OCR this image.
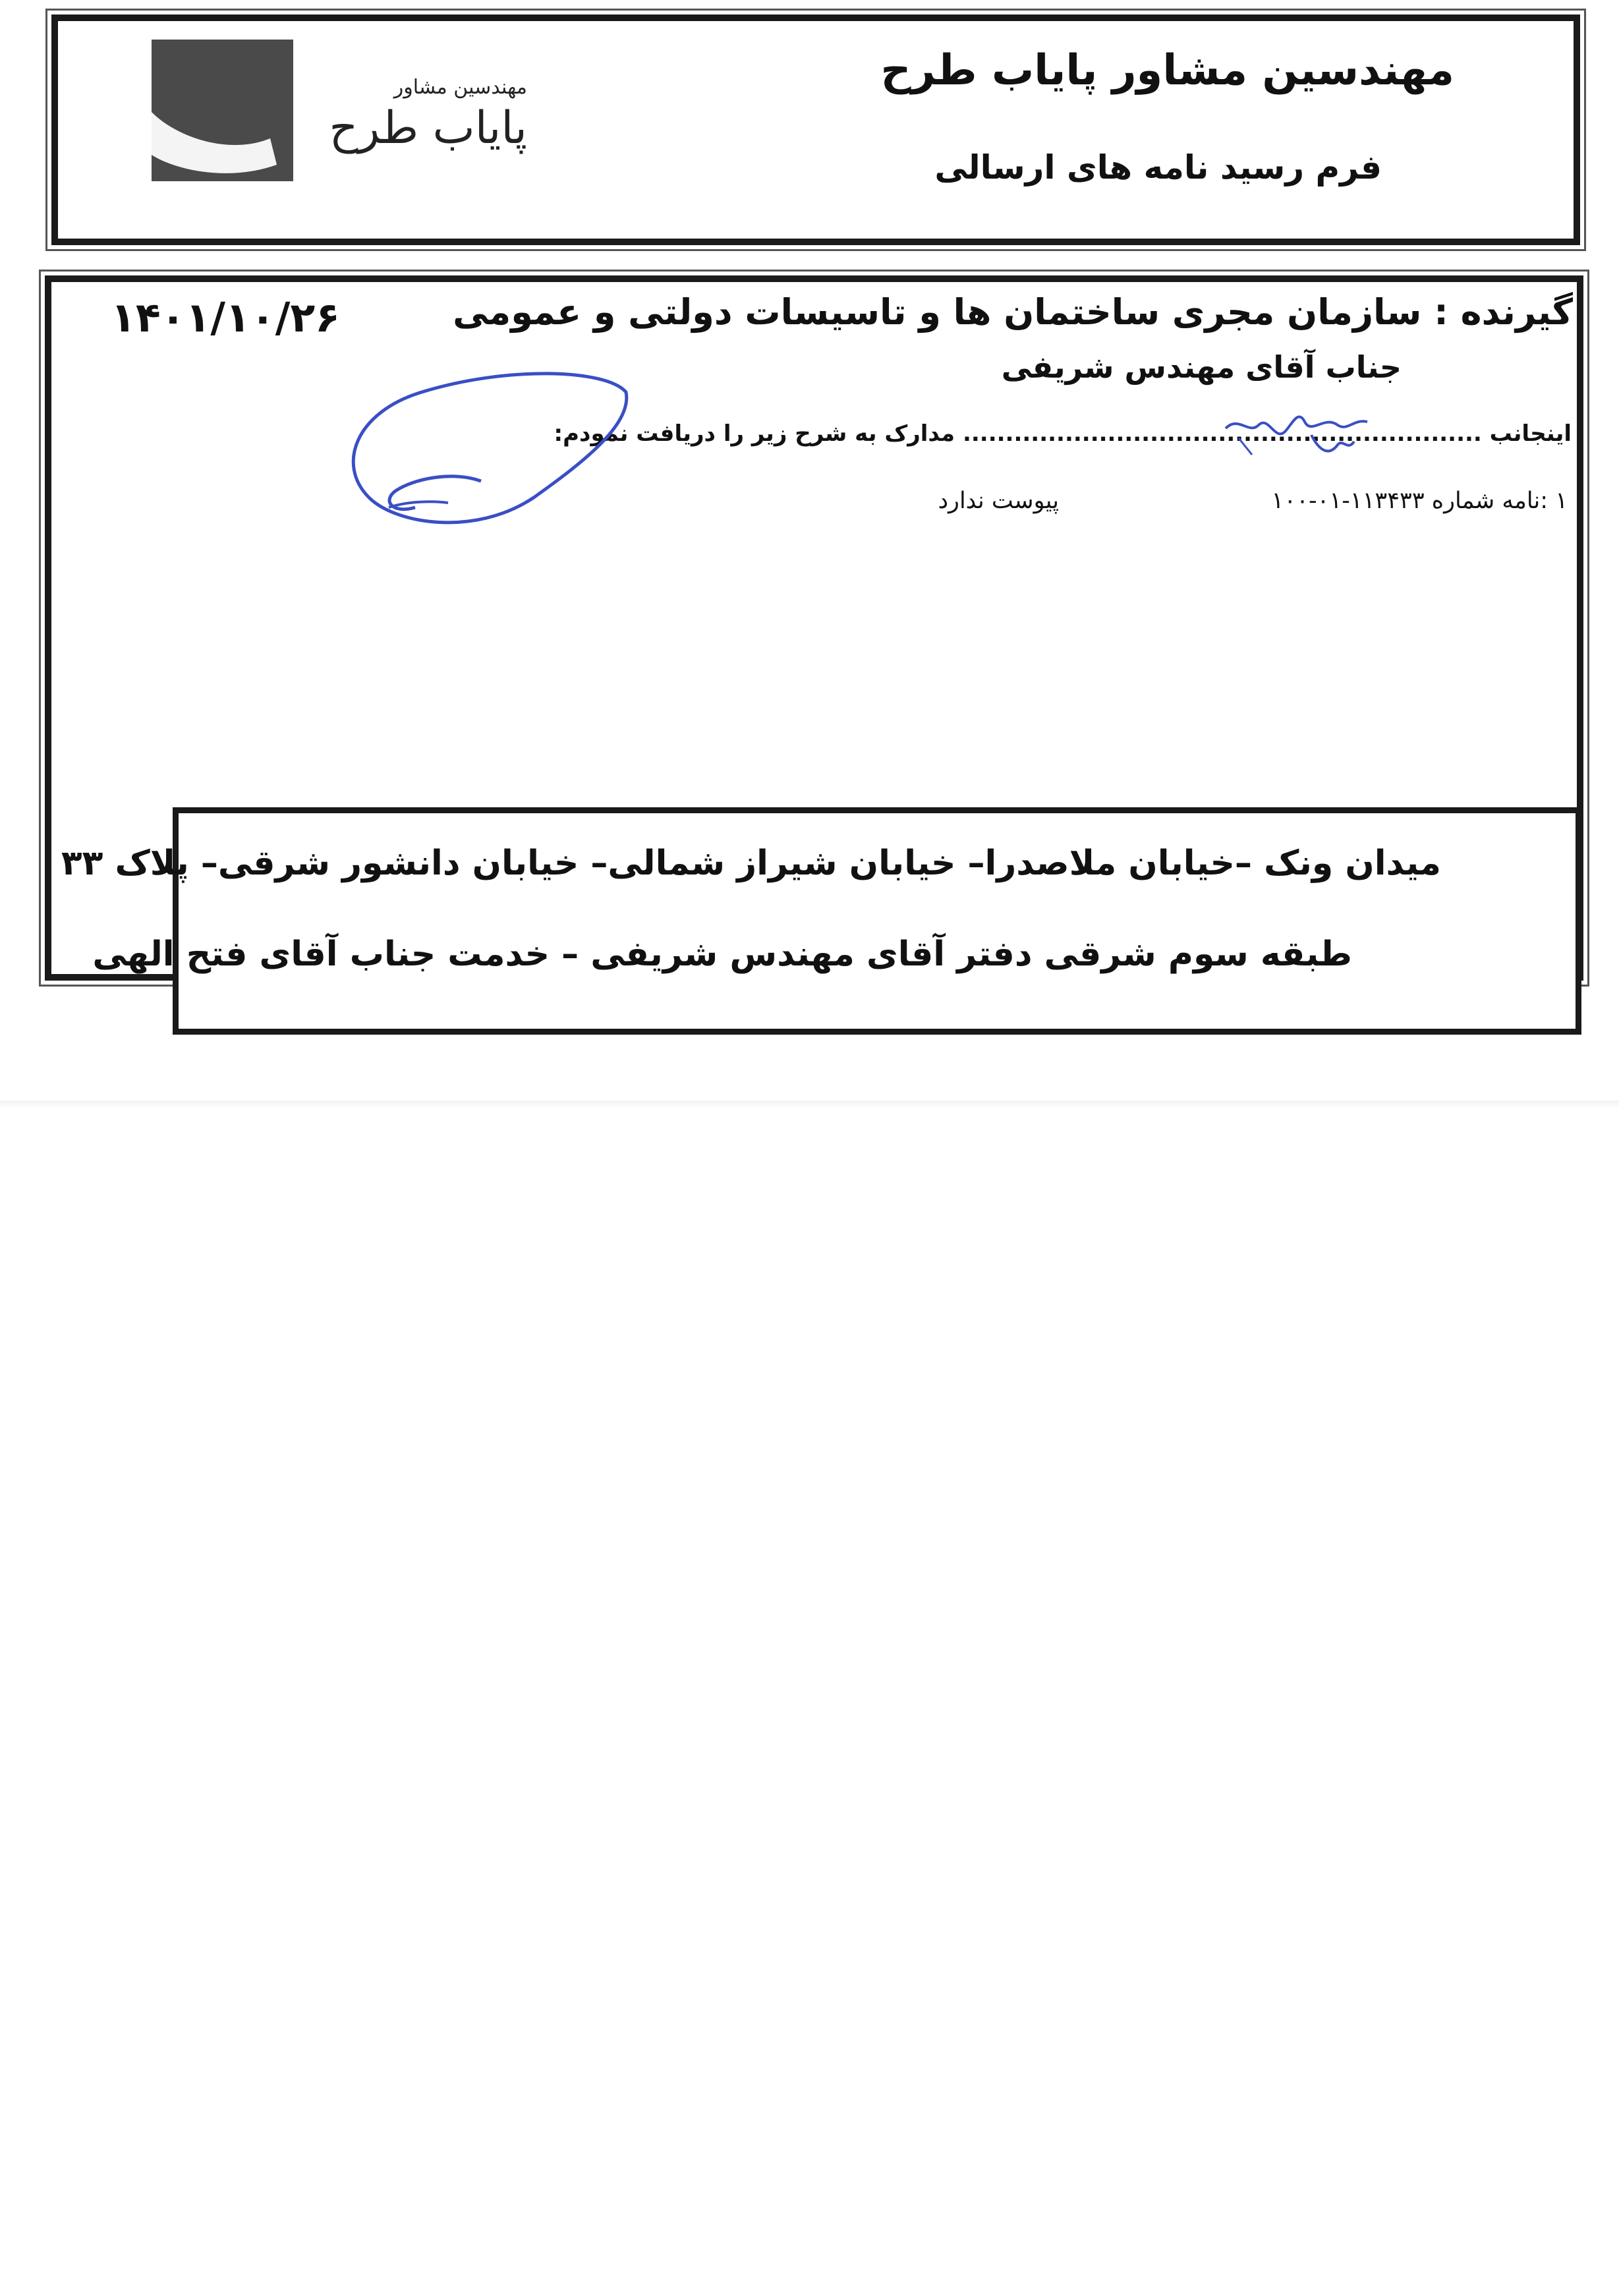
مهندسین مشاور
پایاب طرح
مهندسین مشاور پایاب طرح
فرم رسید نامه های ارسالی
۱۴۰۱/۱۰/۲۶	گیرنده : سازمان مجری ساختمان ها و تاسیسات دولتی و عمومی
جناب آقای مهندس شریفی
اینجانب ............................................................. مدارک به شرح زیر را دریافت نمودم:
۱ :نامه شماره ۱۱۳۴۳۳-۰۱-۱۰۰
پیوست ندارد
میدان ونک –خیابان ملاصدرا– خیابان شیراز شمالی– خیابان دانشور شرقی– پلاک ۳۳
طبقه سوم شرقی دفتر آقای مهندس شریفی – خدمت جناب آقای فتح الهی
